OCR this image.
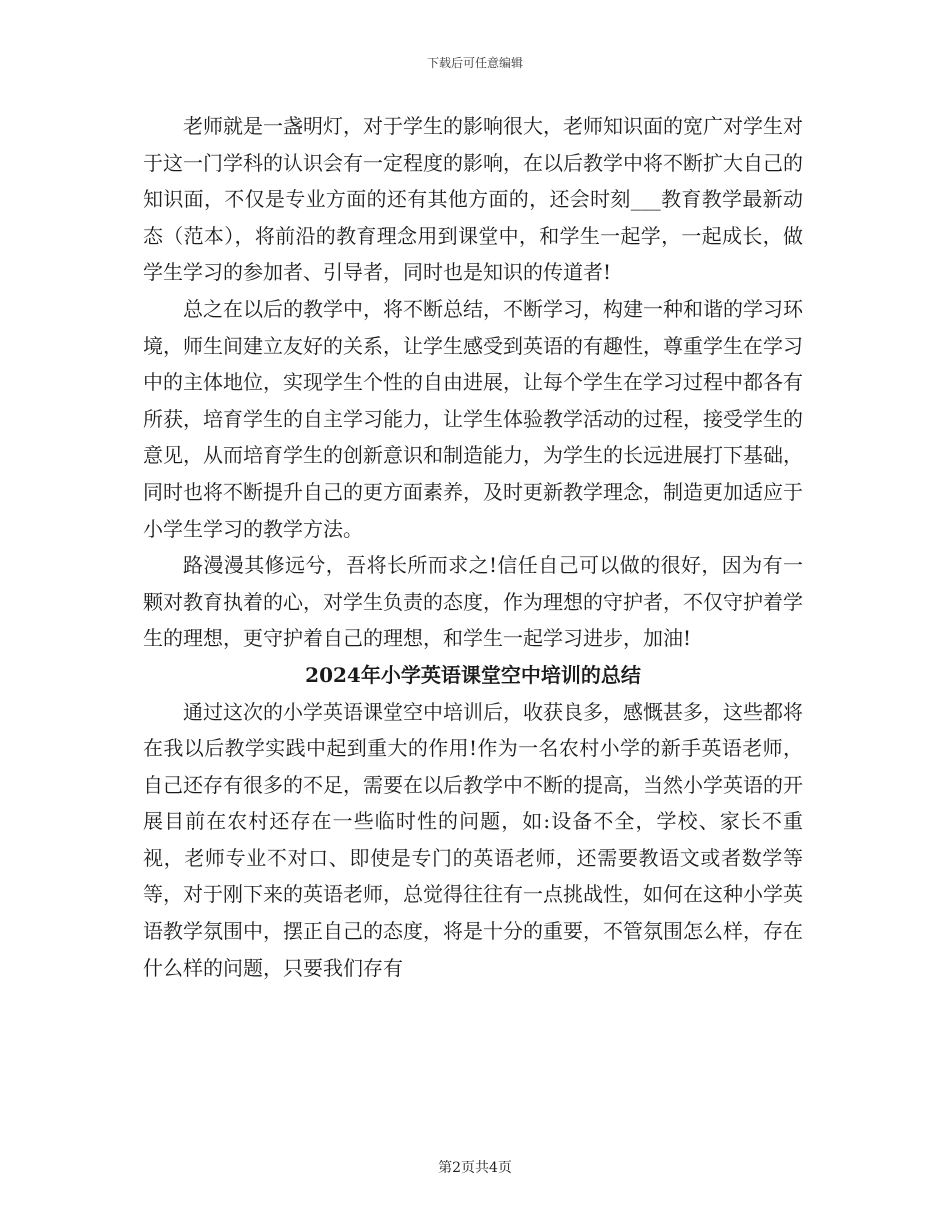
下载后可任意编辑

老师就是一盏明灯，对于学生的影响很大，老师知识面的宽广对学生对于这一门学科的认识会有一定程度的影响，在以后教学中将不断扩大自己的知识面，不仅是专业方面的还有其他方面的，还会时刻___教育教学最新动态（范本），将前沿的教育理念用到课堂中，和学生一起学，一起成长，做学生学习的参加者、引导者，同时也是知识的传道者!

总之在以后的教学中，将不断总结，不断学习，构建一种和谐的学习环境，师生间建立友好的关系，让学生感受到英语的有趣性，尊重学生在学习中的主体地位，实现学生个性的自由进展，让每个学生在学习过程中都各有所获，培育学生的自主学习能力，让学生体验教学活动的过程，接受学生的意见，从而培育学生的创新意识和制造能力，为学生的长远进展打下基础，同时也将不断提升自己的更方面素养，及时更新教学理念，制造更加适应于小学生学习的教学方法。

路漫漫其修远兮，吾将长所而求之!信任自己可以做的很好，因为有一颗对教育执着的心，对学生负责的态度，作为理想的守护者，不仅守护着学生的理想，更守护着自己的理想，和学生一起学习进步，加油!

2024年小学英语课堂空中培训的总结

通过这次的小学英语课堂空中培训后，收获良多，感慨甚多，这些都将在我以后教学实践中起到重大的作用!作为一名农村小学的新手英语老师，自己还存有很多的不足，需要在以后教学中不断的提高，当然小学英语的开展目前在农村还存在一些临时性的问题，如:设备不全，学校、家长不重视，老师专业不对口、即使是专门的英语老师，还需要教语文或者数学等等，对于刚下来的英语老师，总觉得往往有一点挑战性，如何在这种小学英语教学氛围中，摆正自己的态度，将是十分的重要，不管氛围怎么样，存在什么样的问题，只要我们存有

第2页共4页
